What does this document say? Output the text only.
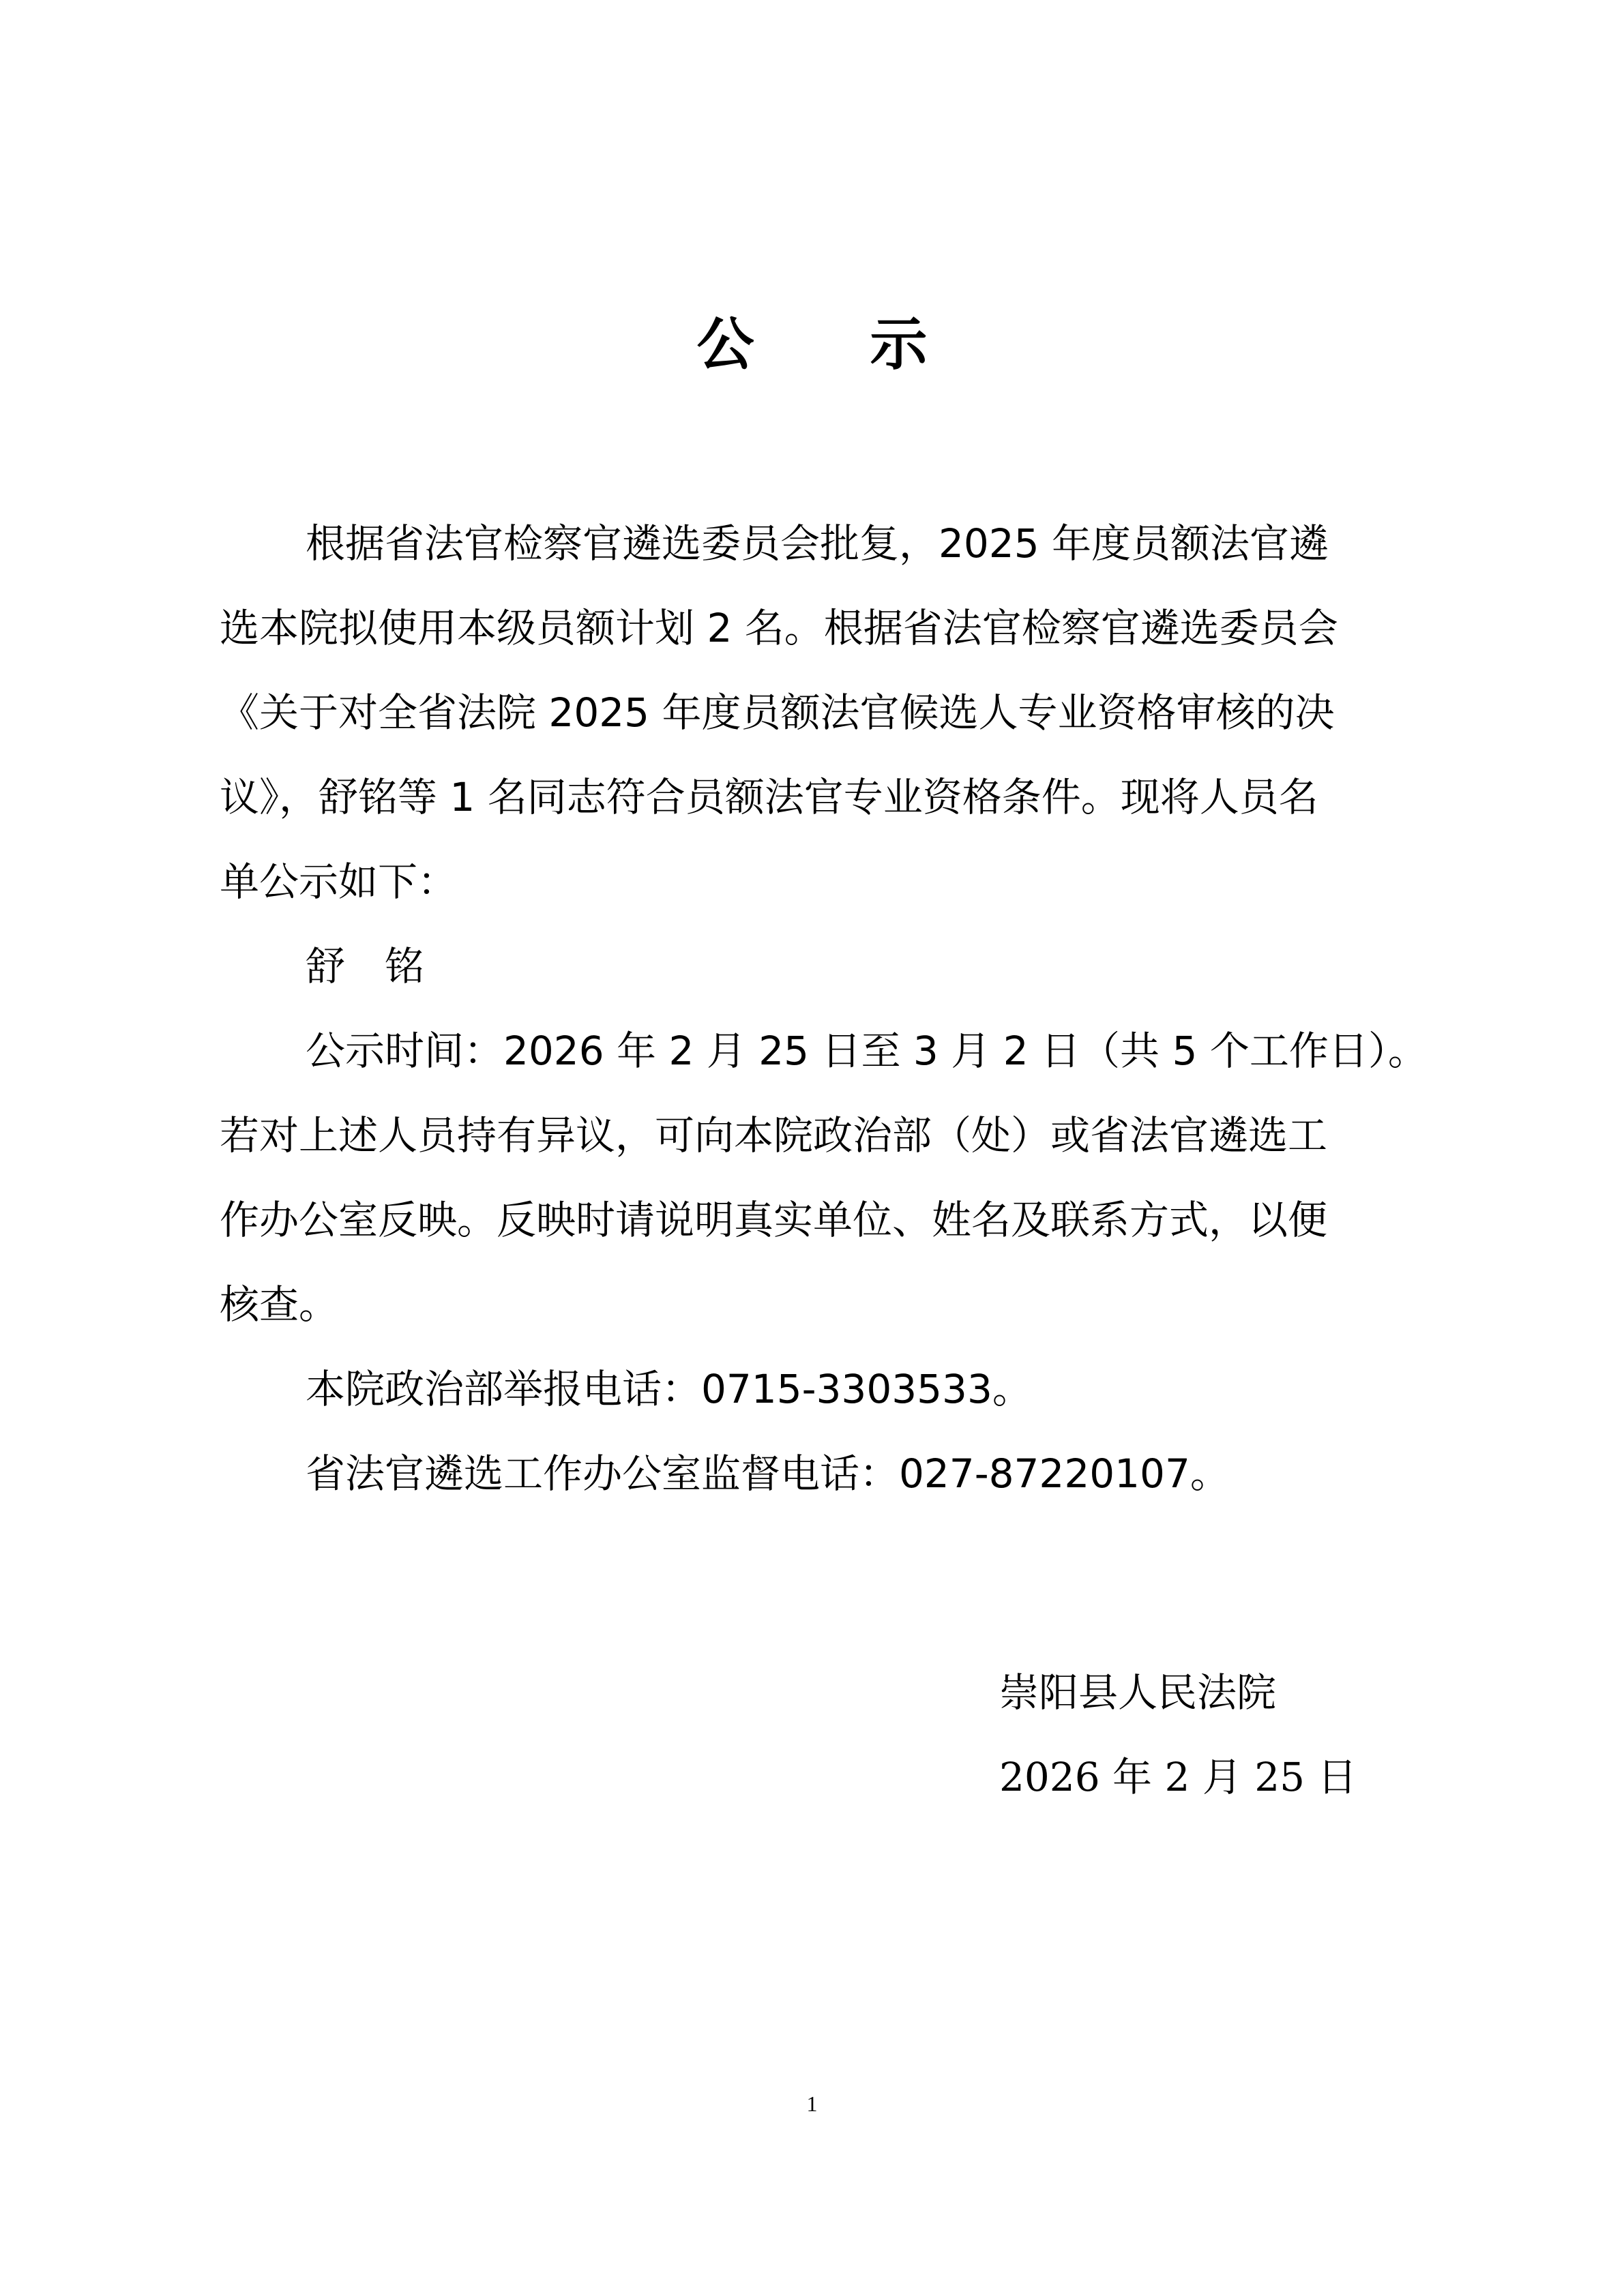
公 示
根据省法官检察官遴选委员会批复，2025 年度员额法官遴
选本院拟使用本级员额计划 2 名。根据省法官检察官遴选委员会
《关于对全省法院 2025 年度员额法官候选人专业资格审核的决
议》，舒铭等 1 名同志符合员额法官专业资格条件。现将人员名
单公示如下：
舒　铭
公示时间：2026 年 2 月 25 日至 3 月 2 日（共 5 个工作日）。
若对上述人员持有异议，可向本院政治部（处）或省法官遴选工
作办公室反映。反映时请说明真实单位、姓名及联系方式，以便
核查。
本院政治部举报电话：0715-3303533。
省法官遴选工作办公室监督电话：027-87220107。
崇阳县人民法院
2026 年 2 月 25 日
1
